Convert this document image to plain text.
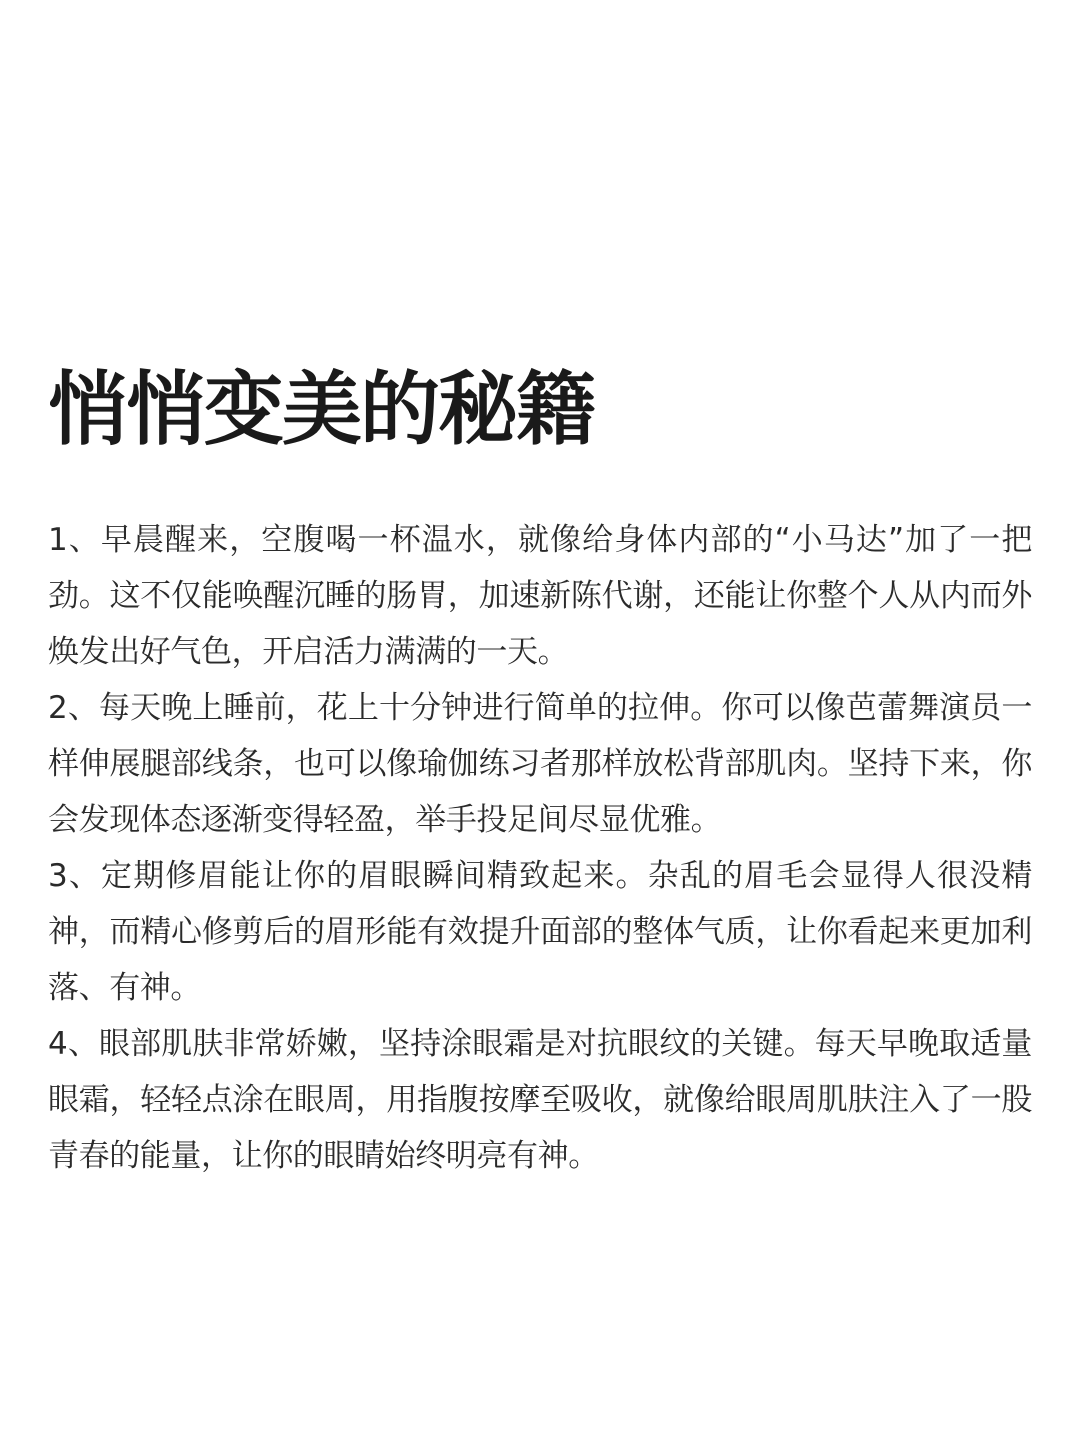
悄悄变美的秘籍

1、早晨醒来，空腹喝一杯温水，就像给身体内部的“小马达”加了一把劲。这不仅能唤醒沉睡的肠胃，加速新陈代谢，还能让你整个人从内而外焕发出好气色，开启活力满满的一天。

2、每天晚上睡前，花上十分钟进行简单的拉伸。你可以像芭蕾舞演员一样伸展腿部线条，也可以像瑜伽练习者那样放松背部肌肉。坚持下来，你会发现体态逐渐变得轻盈，举手投足间尽显优雅。

3、定期修眉能让你的眉眼瞬间精致起来。杂乱的眉毛会显得人很没精神，而精心修剪后的眉形能有效提升面部的整体气质，让你看起来更加利落、有神。

4、眼部肌肤非常娇嫩，坚持涂眼霜是对抗眼纹的关键。每天早晚取适量眼霜，轻轻点涂在眼周，用指腹按摩至吸收，就像给眼周肌肤注入了一股青春的能量，让你的眼睛始终明亮有神。
